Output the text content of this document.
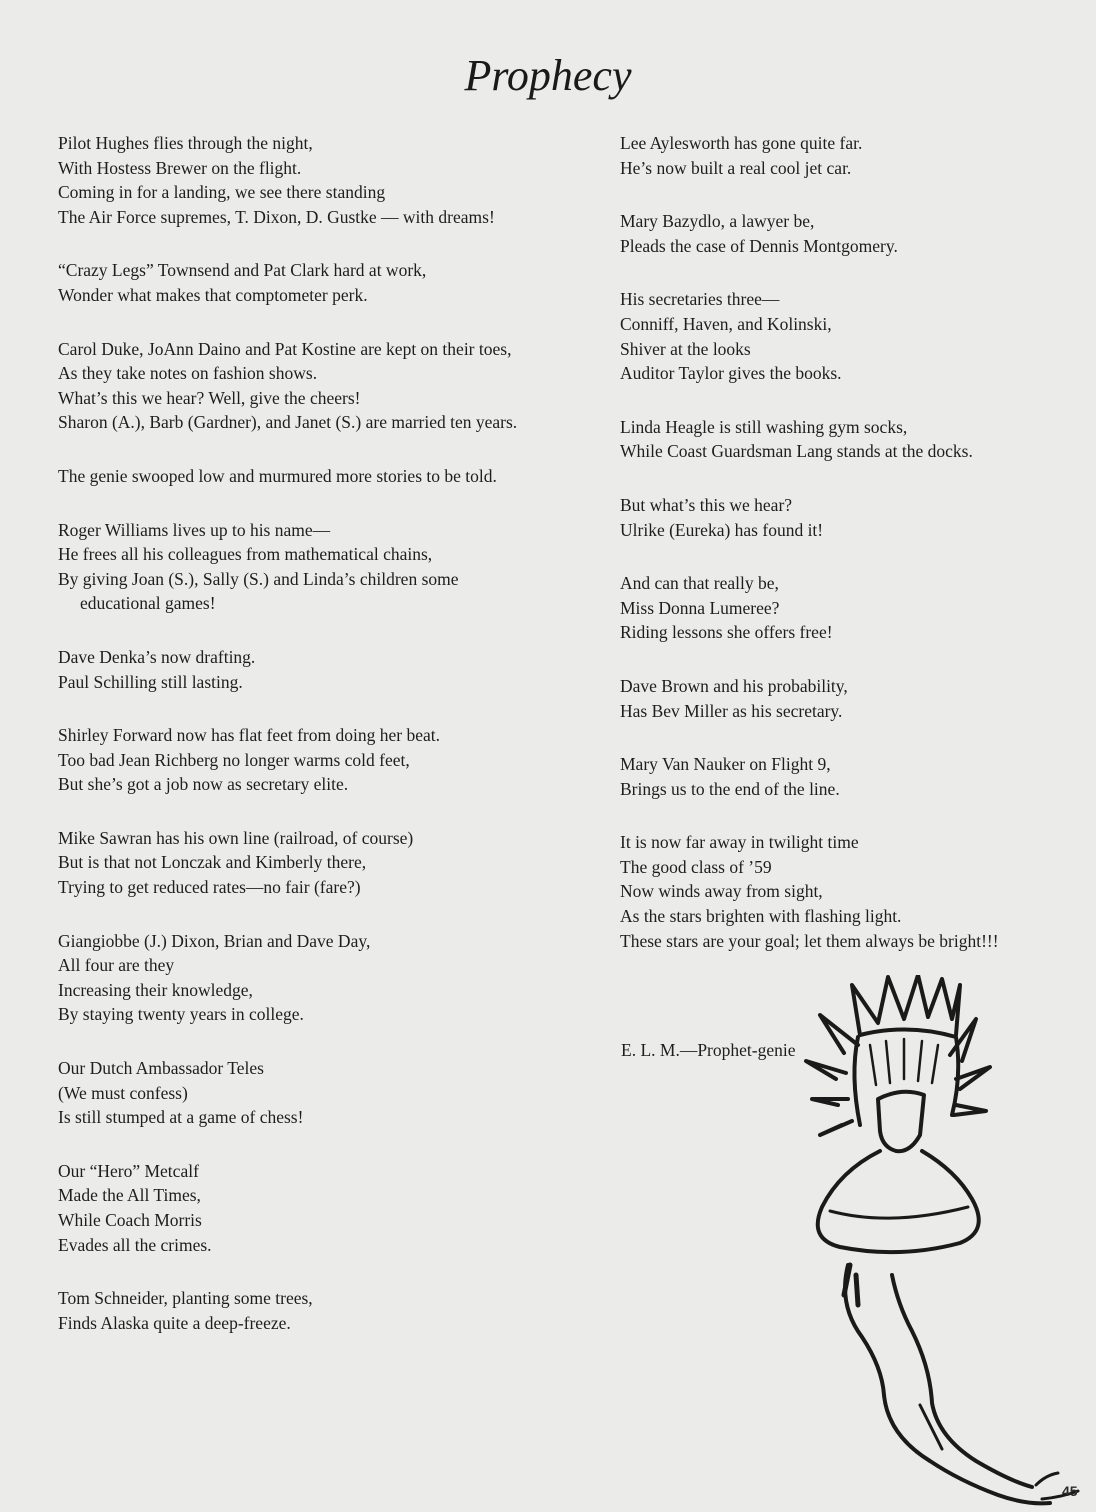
Prophecy
Pilot Hughes flies through the night,
With Hostess Brewer on the flight.
Coming in for a landing, we see there standing
The Air Force supremes, T. Dixon, D. Gustke — with dreams!
“Crazy Legs” Townsend and Pat Clark hard at work,
Wonder what makes that comptometer perk.
Carol Duke, JoAnn Daino and Pat Kostine are kept on their toes,
As they take notes on fashion shows.
What’s this we hear? Well, give the cheers!
Sharon (A.), Barb (Gardner), and Janet (S.) are married ten years.
The genie swooped low and murmured more stories to be told.
Roger Williams lives up to his name—
He frees all his colleagues from mathematical chains,
By giving Joan (S.), Sally (S.) and Linda’s children some educational games!
Dave Denka’s now drafting.
Paul Schilling still lasting.
Shirley Forward now has flat feet from doing her beat.
Too bad Jean Richberg no longer warms cold feet,
But she’s got a job now as secretary elite.
Mike Sawran has his own line (railroad, of course)
But is that not Lonczak and Kimberly there,
Trying to get reduced rates—no fair (fare?)
Giangiobbe (J.) Dixon, Brian and Dave Day,
All four are they
Increasing their knowledge,
By staying twenty years in college.
Our Dutch Ambassador Teles
(We must confess)
Is still stumped at a game of chess!
Our “Hero” Metcalf
Made the All Times,
While Coach Morris
Evades all the crimes.
Tom Schneider, planting some trees,
Finds Alaska quite a deep-freeze.
Lee Aylesworth has gone quite far.
He’s now built a real cool jet car.
Mary Bazydlo, a lawyer be,
Pleads the case of Dennis Montgomery.
His secretaries three—
Conniff, Haven, and Kolinski,
Shiver at the looks
Auditor Taylor gives the books.
Linda Heagle is still washing gym socks,
While Coast Guardsman Lang stands at the docks.
But what’s this we hear?
Ulrike (Eureka) has found it!
And can that really be,
Miss Donna Lumeree?
Riding lessons she offers free!
Dave Brown and his probability,
Has Bev Miller as his secretary.
Mary Van Nauker on Flight 9,
Brings us to the end of the line.
It is now far away in twilight time
The good class of ’59
Now winds away from sight,
As the stars brighten with flashing light.
These stars are your goal; let them always be bright!!!
E. L. M.—Prophet-genie
45
